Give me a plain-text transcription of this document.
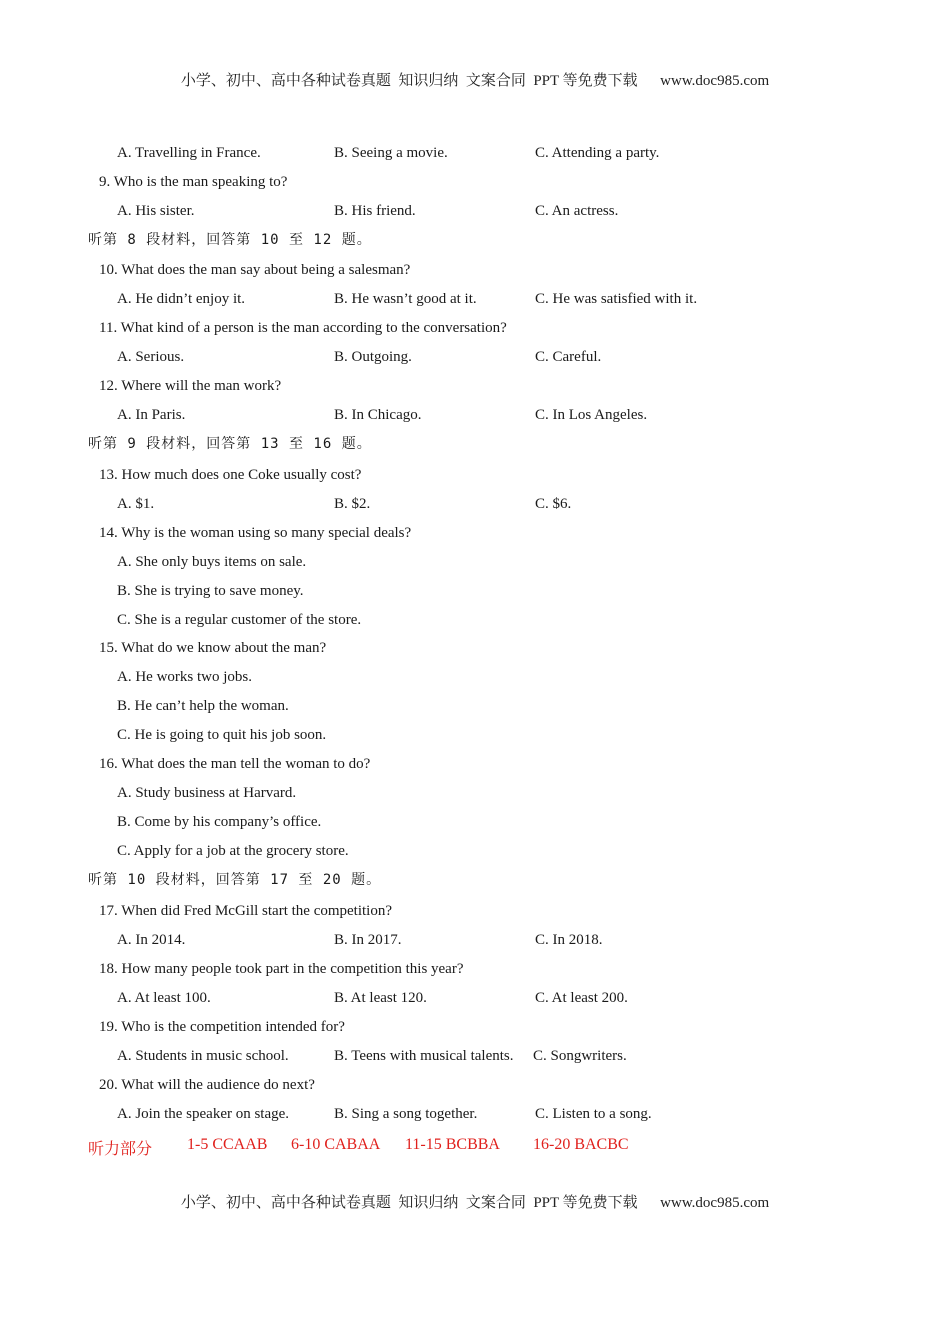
小学、初中、高中各种试卷真题  知识归纳  文案合同  PPT 等免费下载      www.doc985.com
A. Travelling in France.	B. Seeing a movie.	C. Attending a party.
9. Who is the man speaking to?
A. His sister.	B. His friend.	C. An actress.
听第 8 段材料，回答第 10 至 12 题。
10. What does the man say about being a salesman?
A. He didn’t enjoy it.	B. He wasn’t good at it.	C. He was satisfied with it.
11. What kind of a person is the man according to the conversation?
A. Serious.	B. Outgoing.	C. Careful.
12. Where will the man work?
A. In Paris.	B. In Chicago.	C. In Los Angeles.
听第 9 段材料，回答第 13 至 16 题。
13. How much does one Coke usually cost?
A. $1.	B. $2.	C. $6.
14. Why is the woman using so many special deals?
A. She only buys items on sale.
B. She is trying to save money.
C. She is a regular customer of the store.
15. What do we know about the man?
A. He works two jobs.
B. He can’t help the woman.
C. He is going to quit his job soon.
16. What does the man tell the woman to do?
A. Study business at Harvard.
B. Come by his company’s office.
C. Apply for a job at the grocery store.
听第 10 段材料，回答第 17 至 20 题。
17. When did Fred McGill start the competition?
A. In 2014.	B. In 2017.	C. In 2018.
18. How many people took part in the competition this year?
A. At least 100.	B. At least 120.	C. At least 200.
19. Who is the competition intended for?
A. Students in music school.	B. Teens with musical talents. C. Songwriters.
20. What will the audience do next?
A. Join the speaker on stage.	B. Sing a song together.	C. Listen to a song.
听力部分 1-5 CCAAB 6-10 CABAA 11-15 BCBBA 16-20 BACBC
小学、初中、高中各种试卷真题  知识归纳  文案合同  PPT 等免费下载      www.doc985.com
